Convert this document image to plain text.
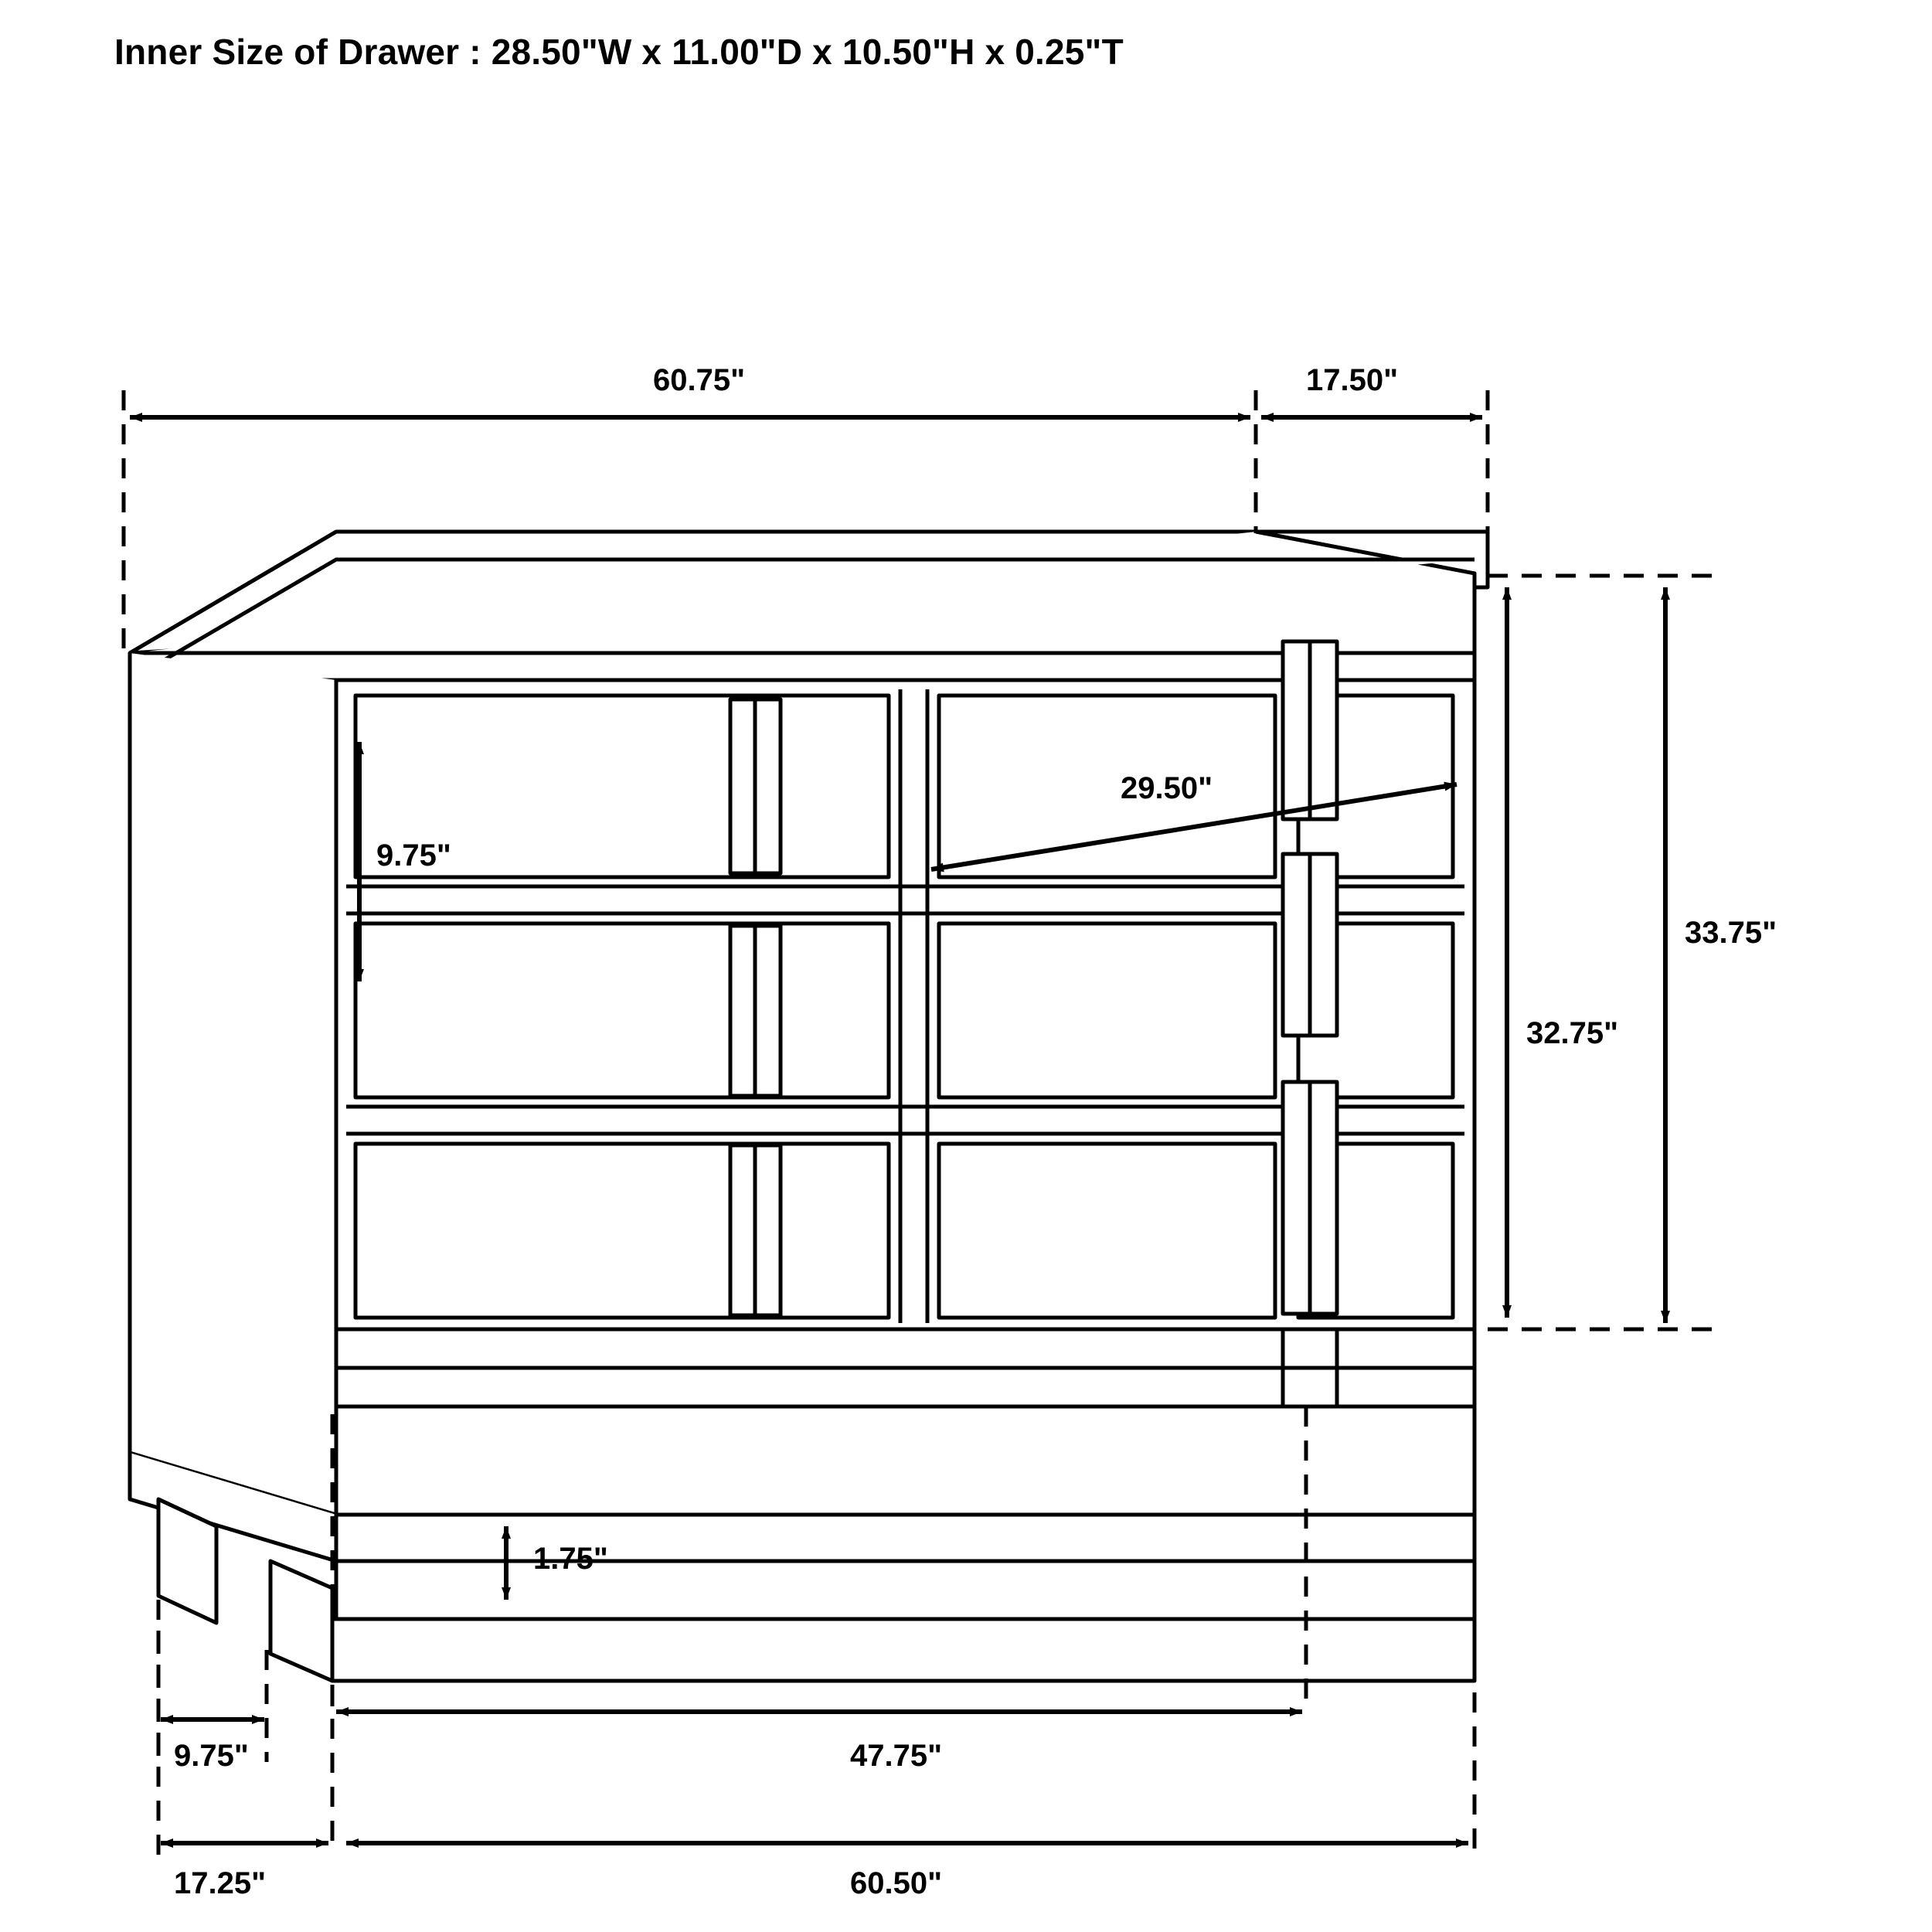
Inner Size of Drawer : 28.50"W x 11.00"D x 10.50"H x 0.25"T
60.75"	17.50"
9.75"
29.50"
32.75"
33.75"
1.75"
9.75"	47.75"
17.25"	60.50"
